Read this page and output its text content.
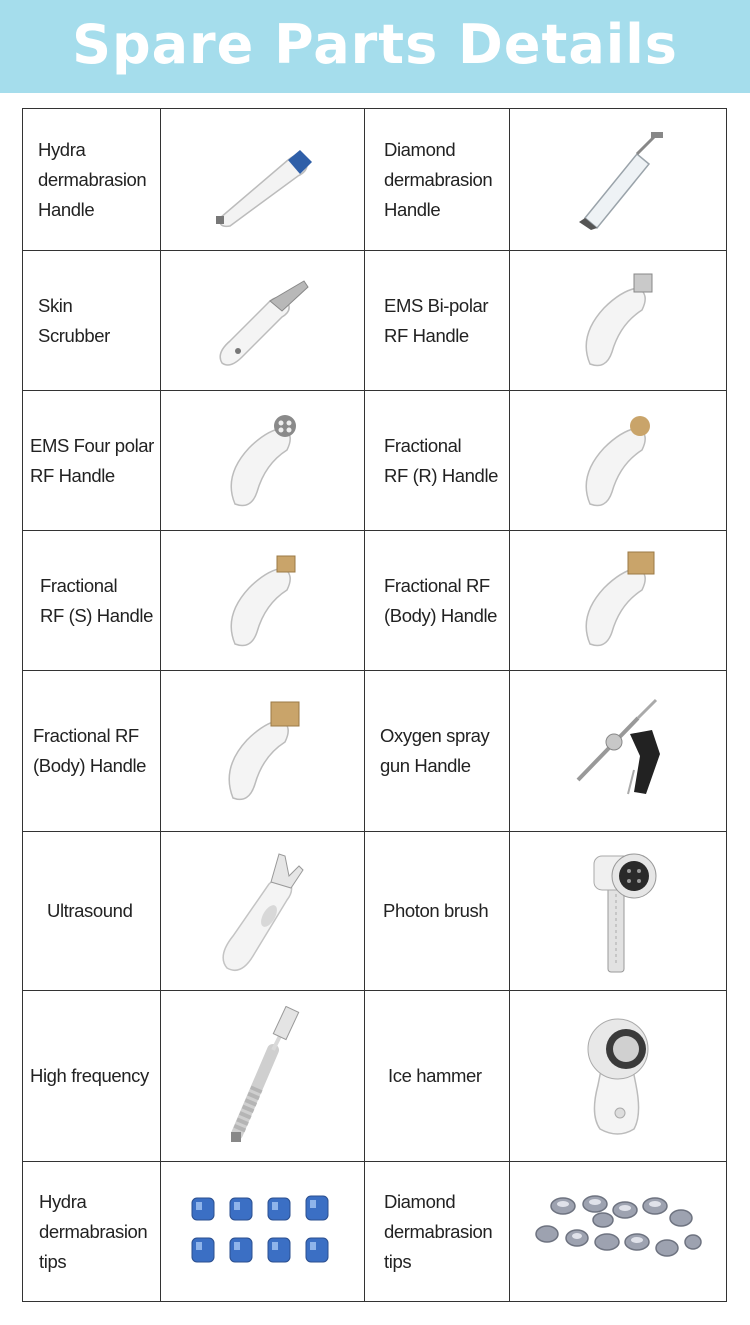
Spare Parts Details
Hydra
dermabrasion
Handle		Diamond
dermabrasion
Handle

Skin
Scrubber		EMS Bi-polar
RF Handle

EMS Four polar
RF Handle		Fractional
RF (R) Handle

Fractional
RF (S) Handle		Fractional RF
(Body) Handle

Fractional RF
(Body) Handle		Oxygen spray
gun Handle

Ultrasound		Photon brush

High frequency		Ice hammer

Hydra
dermabrasion
tips		Diamond
dermabrasion
tips
